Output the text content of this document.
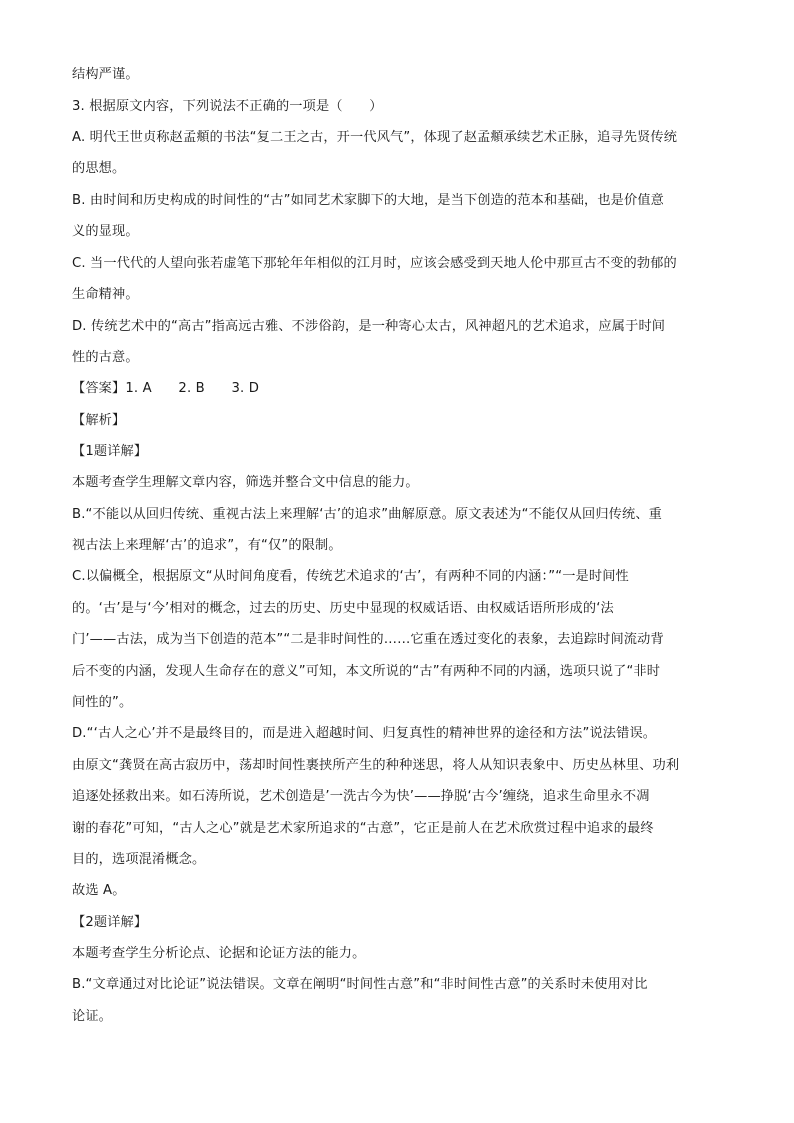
结构严谨。
3. 根据原文内容，下列说法不正确的一项是（　　）
A. 明代王世贞称赵孟頫的书法“复二王之古，开一代风气”，体现了赵孟頫承续艺术正脉，追寻先贤传统
的思想。
B. 由时间和历史构成的时间性的“古”如同艺术家脚下的大地，是当下创造的范本和基础，也是价值意
义的显现。
C. 当一代代的人望向张若虚笔下那轮年年相似的江月时，应该会感受到天地人伦中那亘古不变的勃郁的
生命精神。
D. 传统艺术中的“高古”指高远古雅、不涉俗韵，是一种寄心太古，风神超凡的艺术追求，应属于时间
性的古意。
【答案】1. A　　2. B　　3. D
【解析】
【1题详解】
本题考查学生理解文章内容，筛选并整合文中信息的能力。
B.“不能以从回归传统、重视古法上来理解‘古’的追求”曲解原意。原文表述为“不能仅从回归传统、重
视古法上来理解‘古’的追求”，有“仅”的限制。
C.以偏概全，根据原文“从时间角度看，传统艺术追求的‘古’，有两种不同的内涵：”“一是时间性
的。‘古’是与‘今’相对的概念，过去的历史、历史中显现的权威话语、由权威话语所形成的‘法
门’——古法，成为当下创造的范本”“二是非时间性的……它重在透过变化的表象，去追踪时间流动背
后不变的内涵，发现人生命存在的意义”可知，本文所说的“古”有两种不同的内涵，选项只说了“非时
间性的”。
D.“‘古人之心’并不是最终目的，而是进入超越时间、归复真性的精神世界的途径和方法”说法错误。
由原文“龚贤在高古寂历中，荡却时间性裹挟所产生的种种迷思，将人从知识表象中、历史丛林里、功利
追逐处拯救出来。如石涛所说，艺术创造是’一洗古今为快’——挣脱‘古今’缠绕，追求生命里永不凋
谢的春花”可知，“古人之心”就是艺术家所追求的“古意”，它正是前人在艺术欣赏过程中追求的最终
目的，选项混淆概念。
故选 A。
【2题详解】
本题考查学生分析论点、论据和论证方法的能力。
B.“文章通过对比论证”说法错误。文章在阐明“时间性古意”和“非时间性古意”的关系时未使用对比
论证。
